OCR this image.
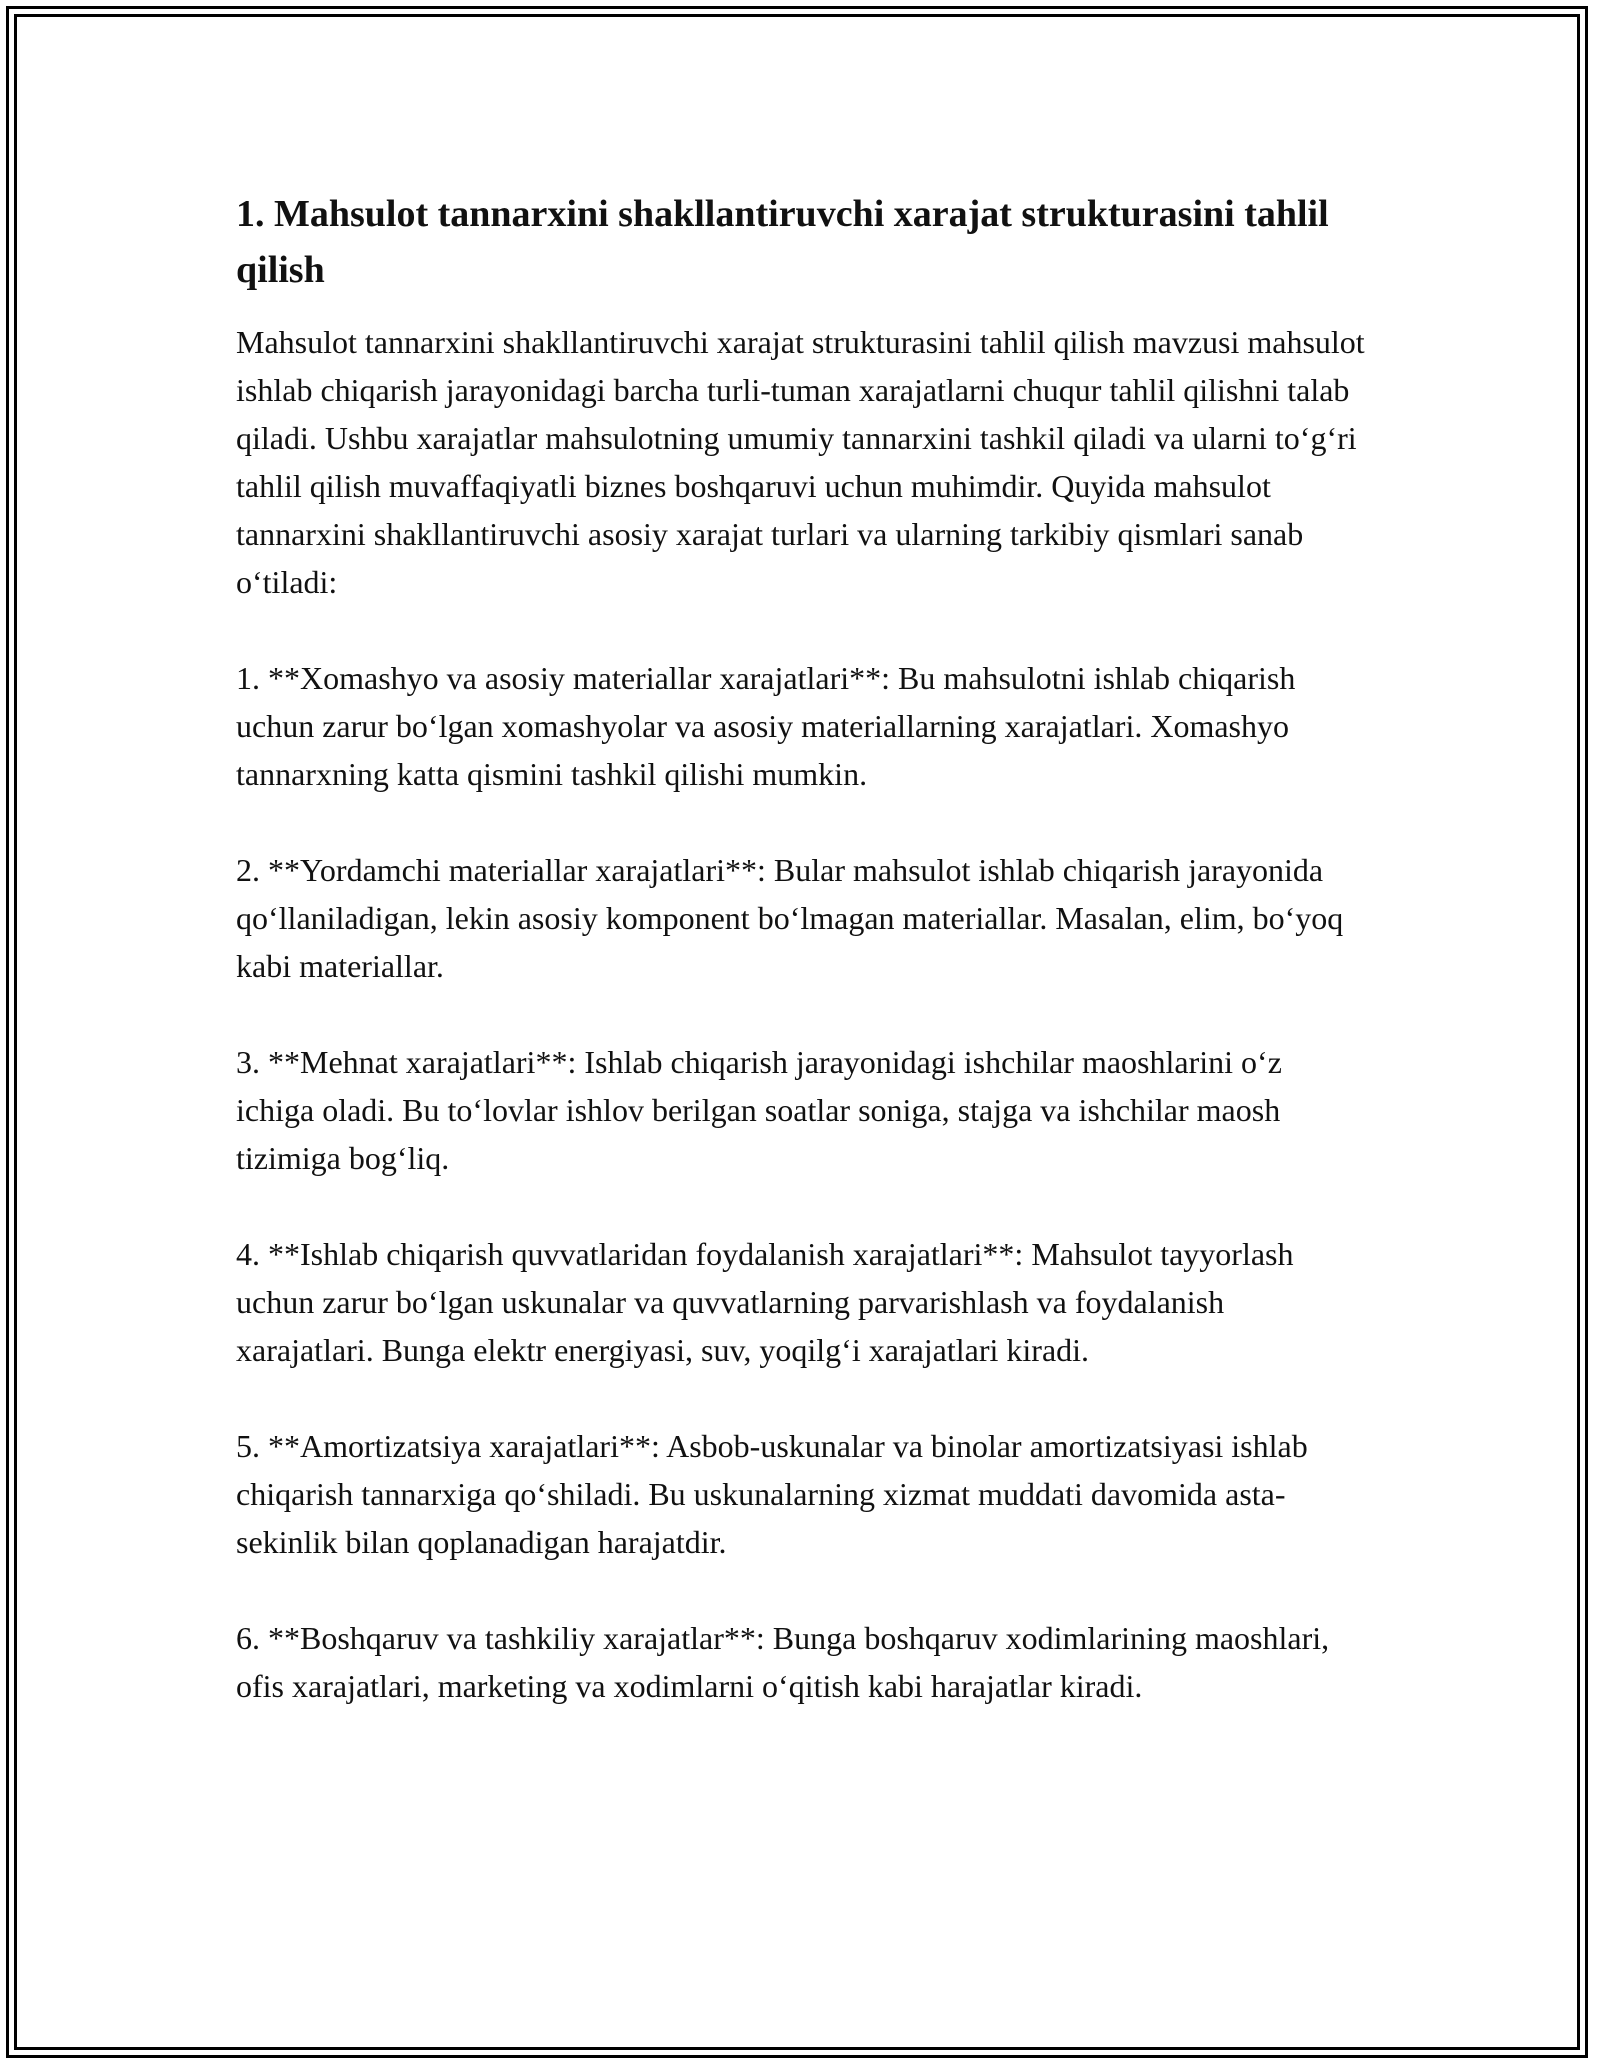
1. Mahsulot tannarxini shakllantiruvchi xarajat strukturasini tahlil qilish

Mahsulot tannarxini shakllantiruvchi xarajat strukturasini tahlil qilish mavzusi mahsulot ishlab chiqarish jarayonidagi barcha turli-tuman xarajatlarni chuqur tahlil qilishni talab qiladi. Ushbu xarajatlar mahsulotning umumiy tannarxini tashkil qiladi va ularni to‘g‘ri tahlil qilish muvaffaqiyatli biznes boshqaruvi uchun muhimdir. Quyida mahsulot tannarxini shakllantiruvchi asosiy xarajat turlari va ularning tarkibiy qismlari sanab o‘tiladi:

1. **Xomashyo va asosiy materiallar xarajatlari**: Bu mahsulotni ishlab chiqarish uchun zarur bo‘lgan xomashyolar va asosiy materiallarning xarajatlari. Xomashyo tannarxning katta qismini tashkil qilishi mumkin.

2. **Yordamchi materiallar xarajatlari**: Bular mahsulot ishlab chiqarish jarayonida qo‘llaniladigan, lekin asosiy komponent bo‘lmagan materiallar. Masalan, elim, bo‘yoq kabi materiallar.

3. **Mehnat xarajatlari**: Ishlab chiqarish jarayonidagi ishchilar maoshlarini o‘z ichiga oladi. Bu to‘lovlar ishlov berilgan soatlar soniga, stajga va ishchilar maosh tizimiga bog‘liq.

4. **Ishlab chiqarish quvvatlaridan foydalanish xarajatlari**: Mahsulot tayyorlash uchun zarur bo‘lgan uskunalar va quvvatlarning parvarishlash va foydalanish xarajatlari. Bunga elektr energiyasi, suv, yoqilg‘i xarajatlari kiradi.

5. **Amortizatsiya xarajatlari**: Asbob-uskunalar va binolar amortizatsiyasi ishlab chiqarish tannarxiga qo‘shiladi. Bu uskunalarning xizmat muddati davomida asta-sekinlik bilan qoplanadigan harajatdir.

6. **Boshqaruv va tashkiliy xarajatlar**: Bunga boshqaruv xodimlarining maoshlari, ofis xarajatlari, marketing va xodimlarni o‘qitish kabi harajatlar kiradi.
